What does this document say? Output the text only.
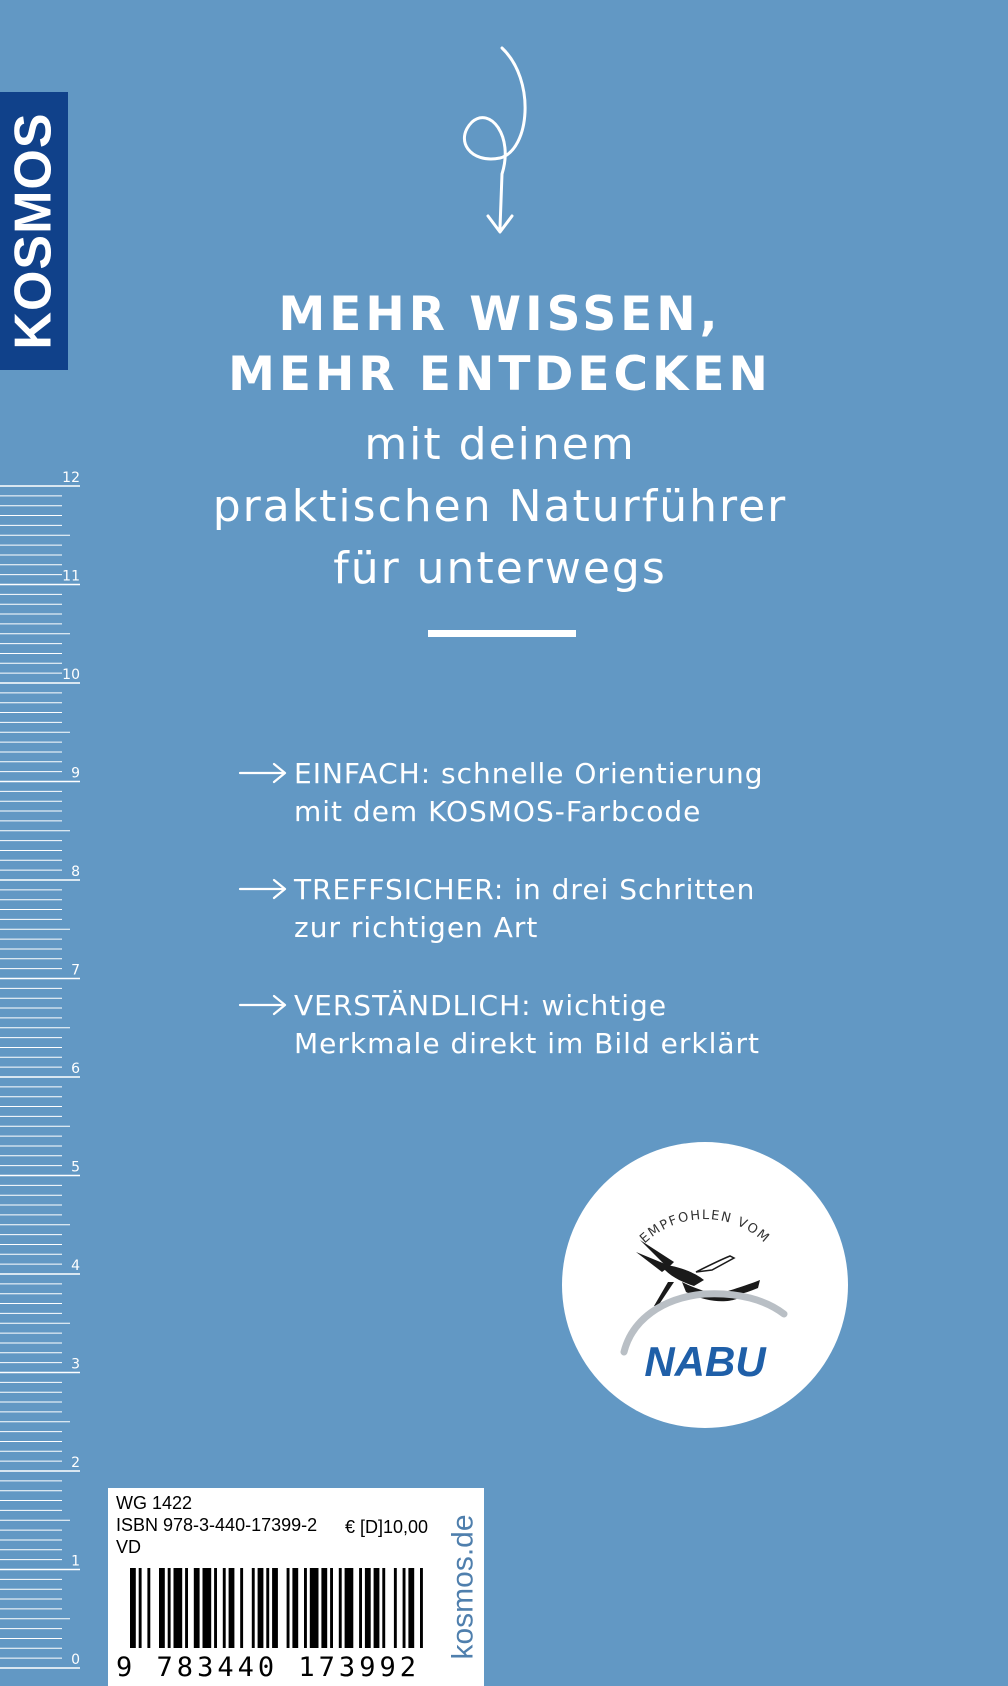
KOSMOS	MEHR WISSEN,
MEHR ENTDECKEN
mit deinem
praktischen Naturführer
für unterwegs
EINFACH: schnelle Orientierung
mit dem KOSMOS-Farbcode
TREFFSICHER: in drei Schritten
zur richtigen Art
VERSTÄNDLICH: wichtige
Merkmale direkt im Bild erklärt
12
11
10
9
8
7
6
5
4
3
2
1
0
EMPFOHLEN VOM
NABU
WG 1422
ISBN 978-3-440-17399-2 € [D]10,00
VD
9 783440 173992
kosmos.de
